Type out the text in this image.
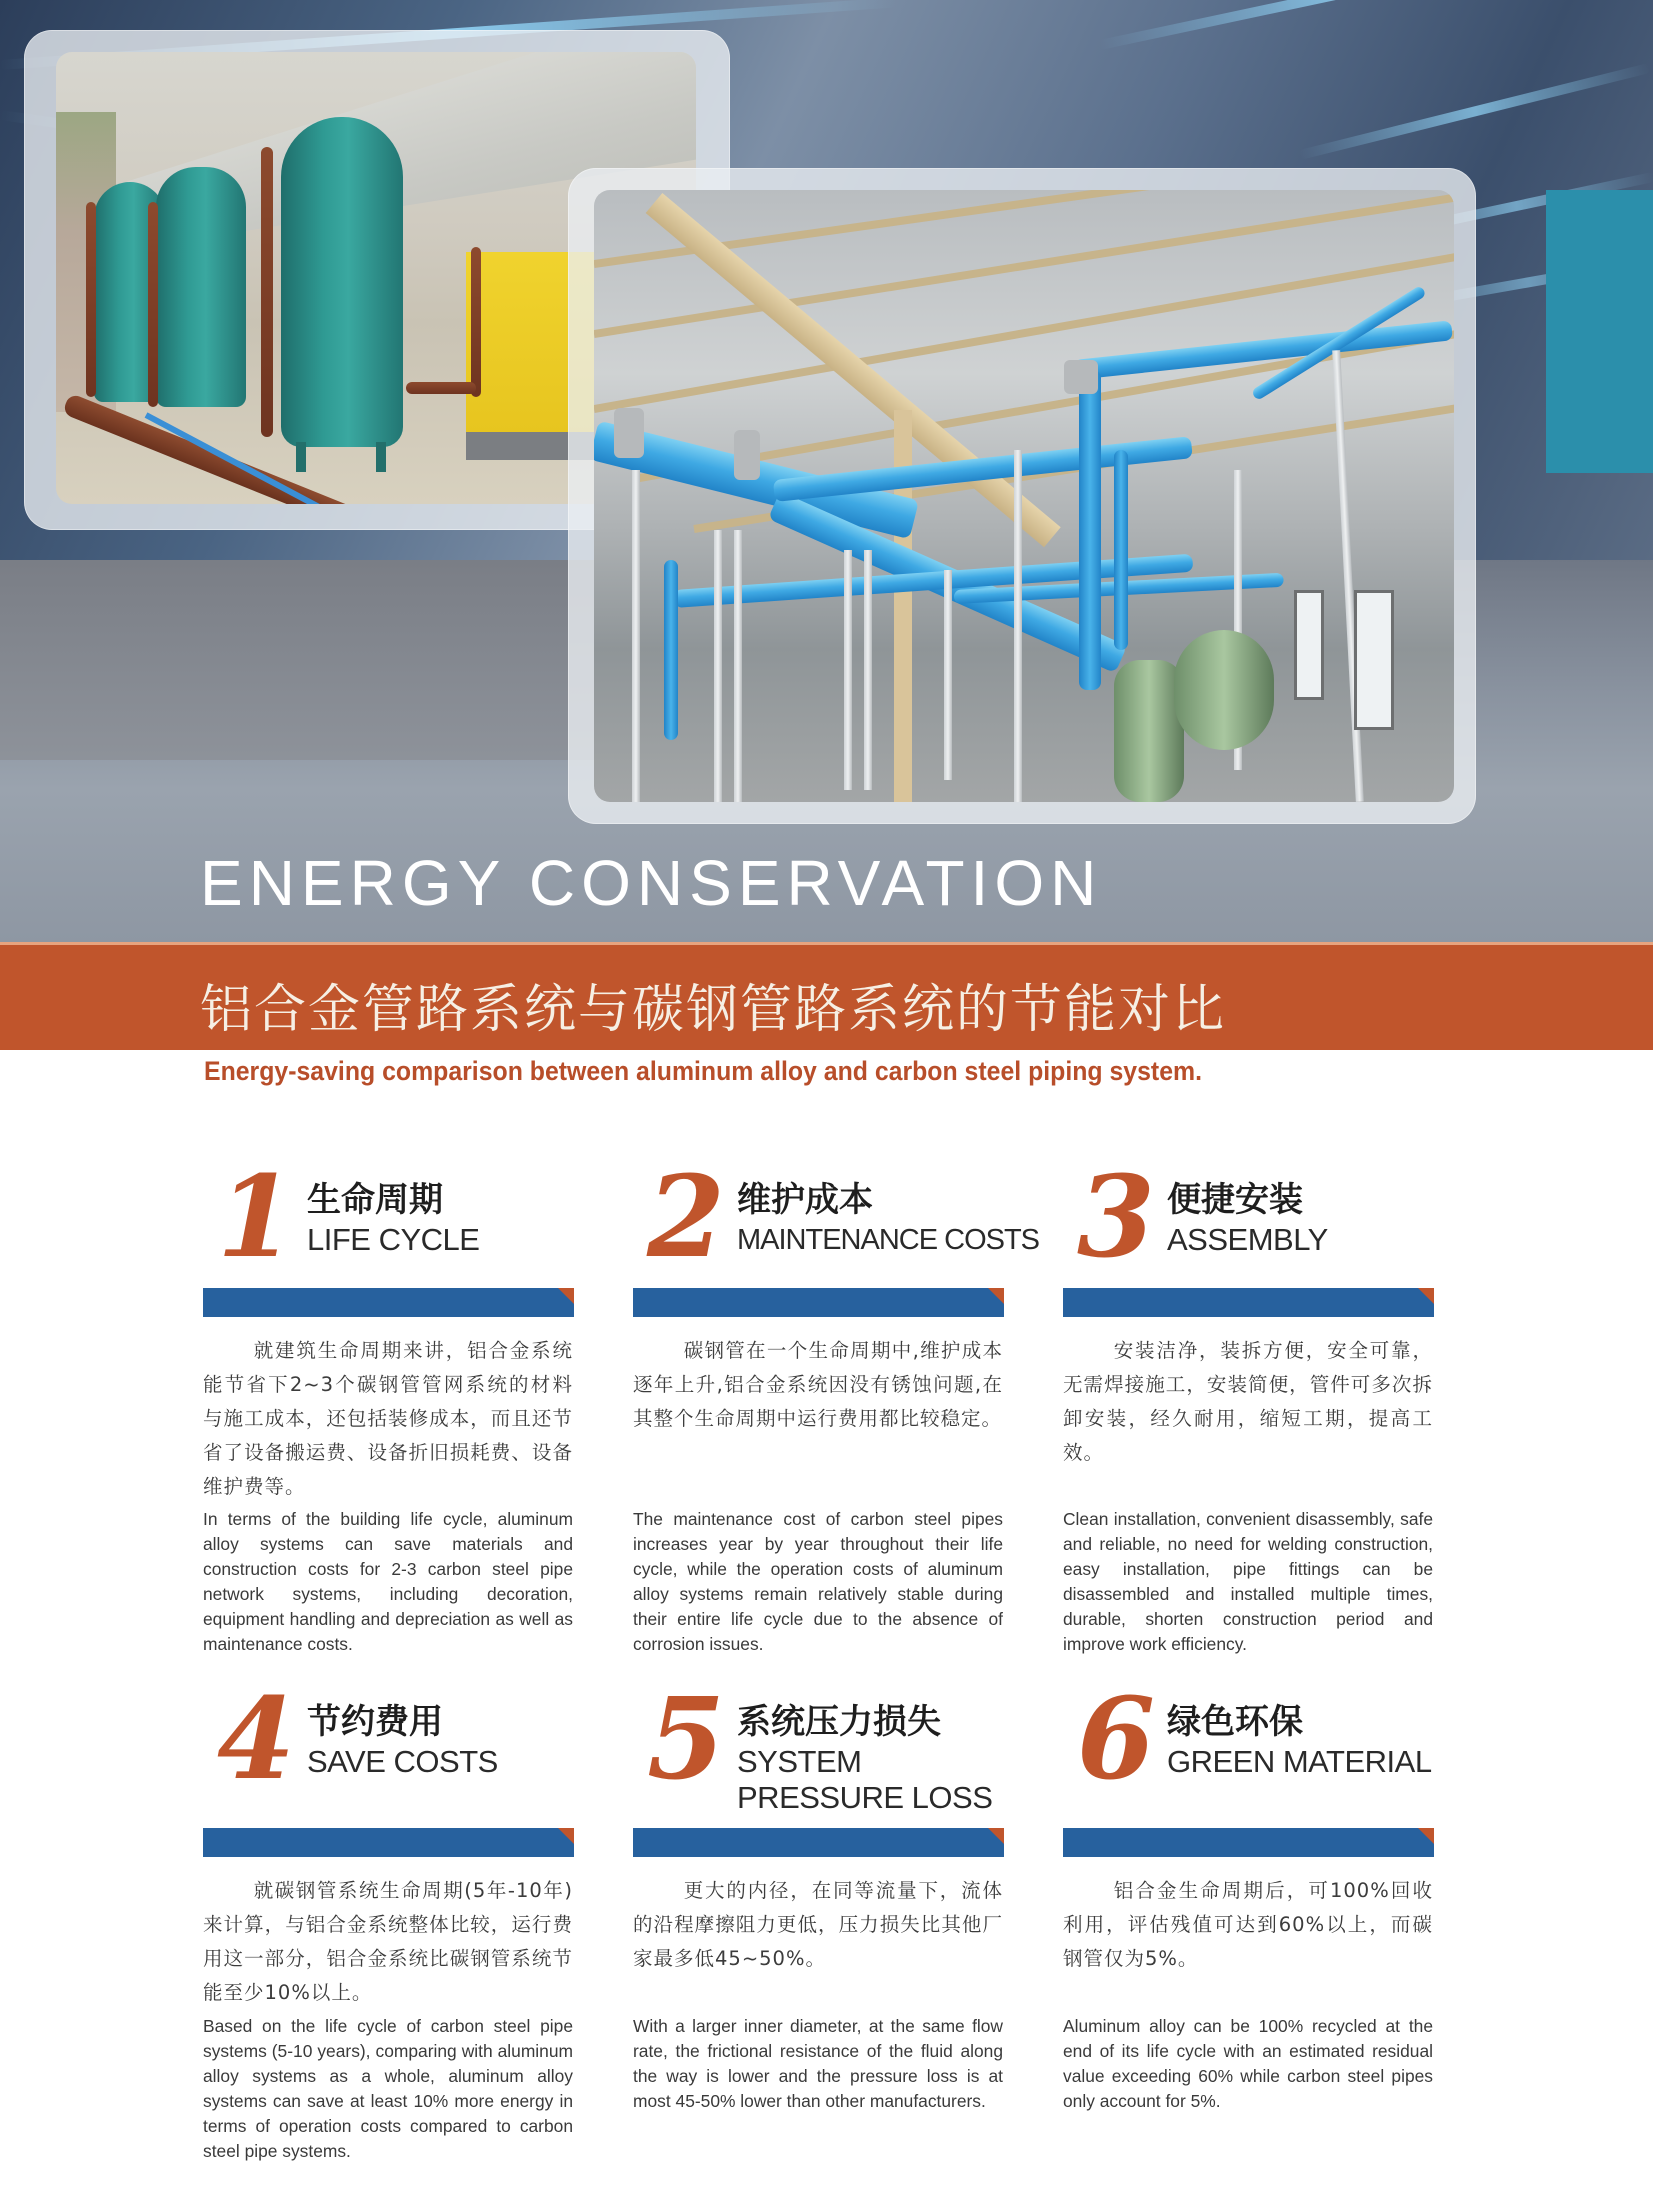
ENERGY CONSERVATION
铝合金管路系统与碳钢管路系统的节能对比
Energy-saving comparison between aluminum alloy and carbon steel piping system.
1 生命周期
LIFE CYCLE
就建筑生命周期来讲，铝合金系统能节省下2~3个碳钢管管网系统的材料与施工成本，还包括装修成本，而且还节省了设备搬运费、设备折旧损耗费、设备维护费等。
In terms of the building life cycle, aluminum alloy systems can save materials and construction costs for 2-3 carbon steel pipe network systems, including decoration, equipment handling and depreciation as well as maintenance costs.
2 维护成本
MAINTENANCE COSTS
碳钢管在一个生命周期中,维护成本逐年上升,铝合金系统因没有锈蚀问题,在其整个生命周期中运行费用都比较稳定。
The maintenance cost of carbon steel pipes increases year by year throughout their life cycle, while the operation costs of aluminum alloy systems remain relatively stable during their entire life cycle due to the absence of corrosion issues.
3 便捷安装
ASSEMBLY
安装洁净，装拆方便，安全可靠，无需焊接施工，安装简便，管件可多次拆卸安装，经久耐用，缩短工期，提高工效。
Clean installation, convenient disassembly, safe and reliable, no need for welding construction, easy installation, pipe fittings can be disassembled and installed multiple times, durable, shorten construction period and improve work efficiency.
4 节约费用
SAVE COSTS
就碳钢管系统生命周期(5年-10年)来计算，与铝合金系统整体比较，运行费用这一部分，铝合金系统比碳钢管系统节能至少10%以上。
Based on the life cycle of carbon steel pipe systems (5-10 years), comparing with aluminum alloy systems as a whole, aluminum alloy systems can save at least 10% more energy in terms of operation costs compared to carbon steel pipe systems.
5 系统压力损失
SYSTEM
PRESSURE LOSS
更大的内径，在同等流量下，流体的沿程摩擦阻力更低，压力损失比其他厂家最多低45~50%。
With a larger inner diameter, at the same flow rate, the frictional resistance of the fluid along the way is lower and the pressure loss is at most 45-50% lower than other manufacturers.
6 绿色环保
GREEN MATERIAL
铝合金生命周期后，可100%回收利用，评估残值可达到60%以上，而碳钢管仅为5%。
Aluminum alloy can be 100% recycled at the end of its life cycle with an estimated residual value exceeding 60% while carbon steel pipes only account for 5%.
